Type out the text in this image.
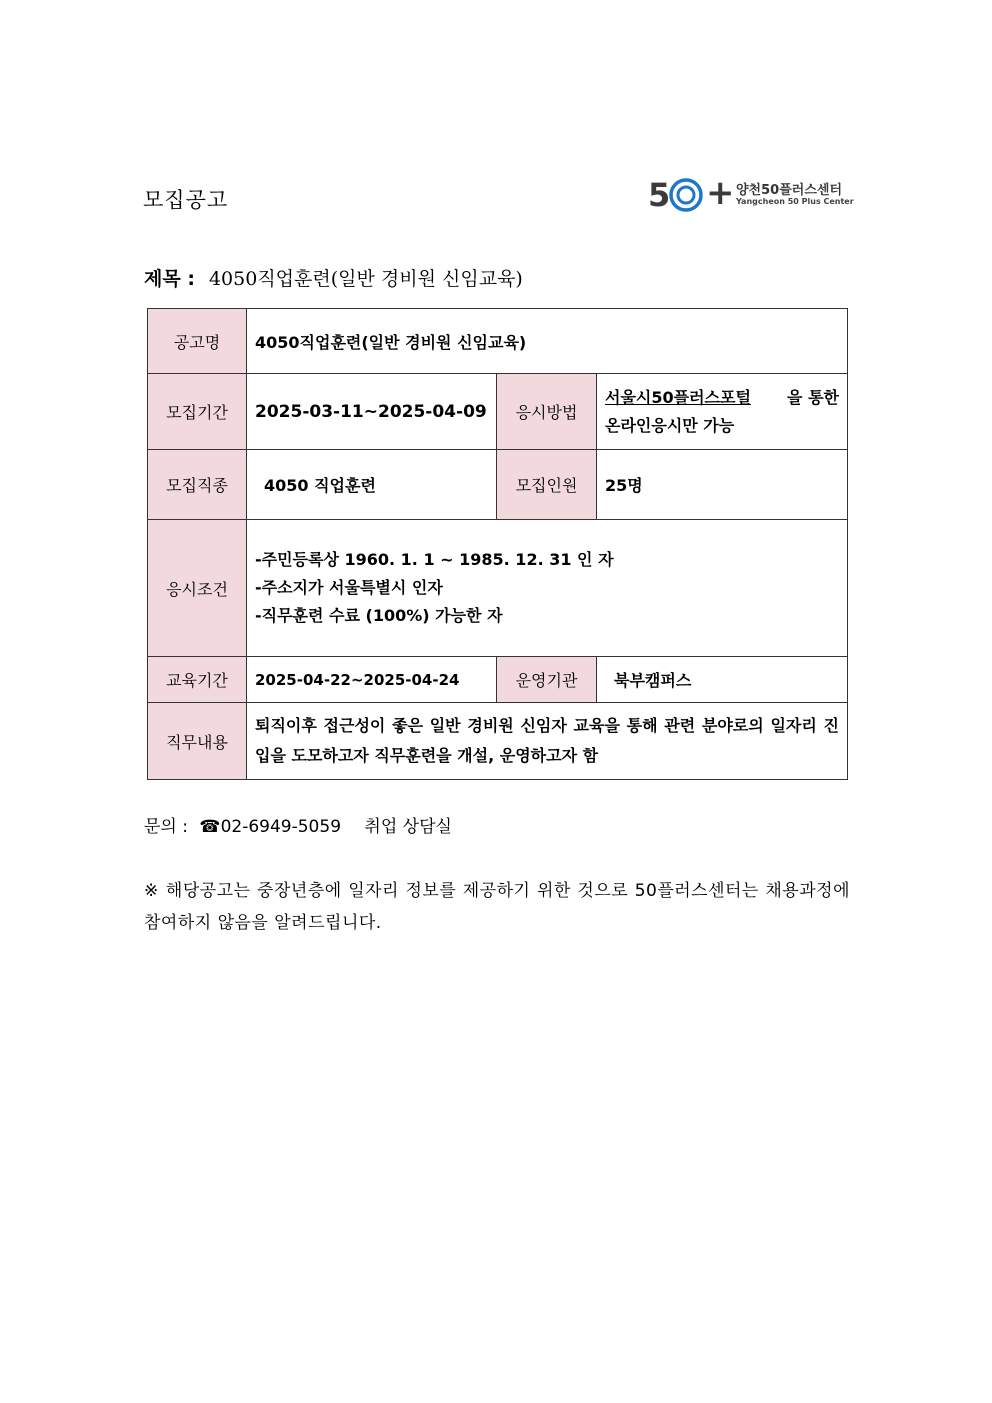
모집공고	5 + 양천50플러스센터
Yangcheon 50 Plus Center
제목 : 4050직업훈련(일반 경비원 신임교육)
공고명	4050직업훈련(일반 경비원 신임교육)		
모집기간	2025-03-11~2025-04-09	응시방법	서울시50플러스포털 을 통한
온라인응시만 가능

모집직종	4050 직업훈련	모집인원	25명
응시조건	-주민등록상 1960. 1. 1 ~ 1985. 12. 31 인 자
-주소지가 서울특별시 인자
-직무훈련 수료 (100%) 가능한 자		

교육기간	2025-04-22~2025-04-24	운영기관	북부캠퍼스
직무내용	퇴직이후 접근성이 좋은 일반 경비원 신임자 교육을 통해 관련 분야로의 일자리 진입을 도모하고자 직무훈련을 개설, 운영하고자 함		
문의 : ☎02-6949-5059 취업 상담실
※ 해당공고는 중장년층에 일자리 정보를 제공하기 위한 것으로 50플러스센터는 채용과정에 참여하지 않음을 알려드립니다.
